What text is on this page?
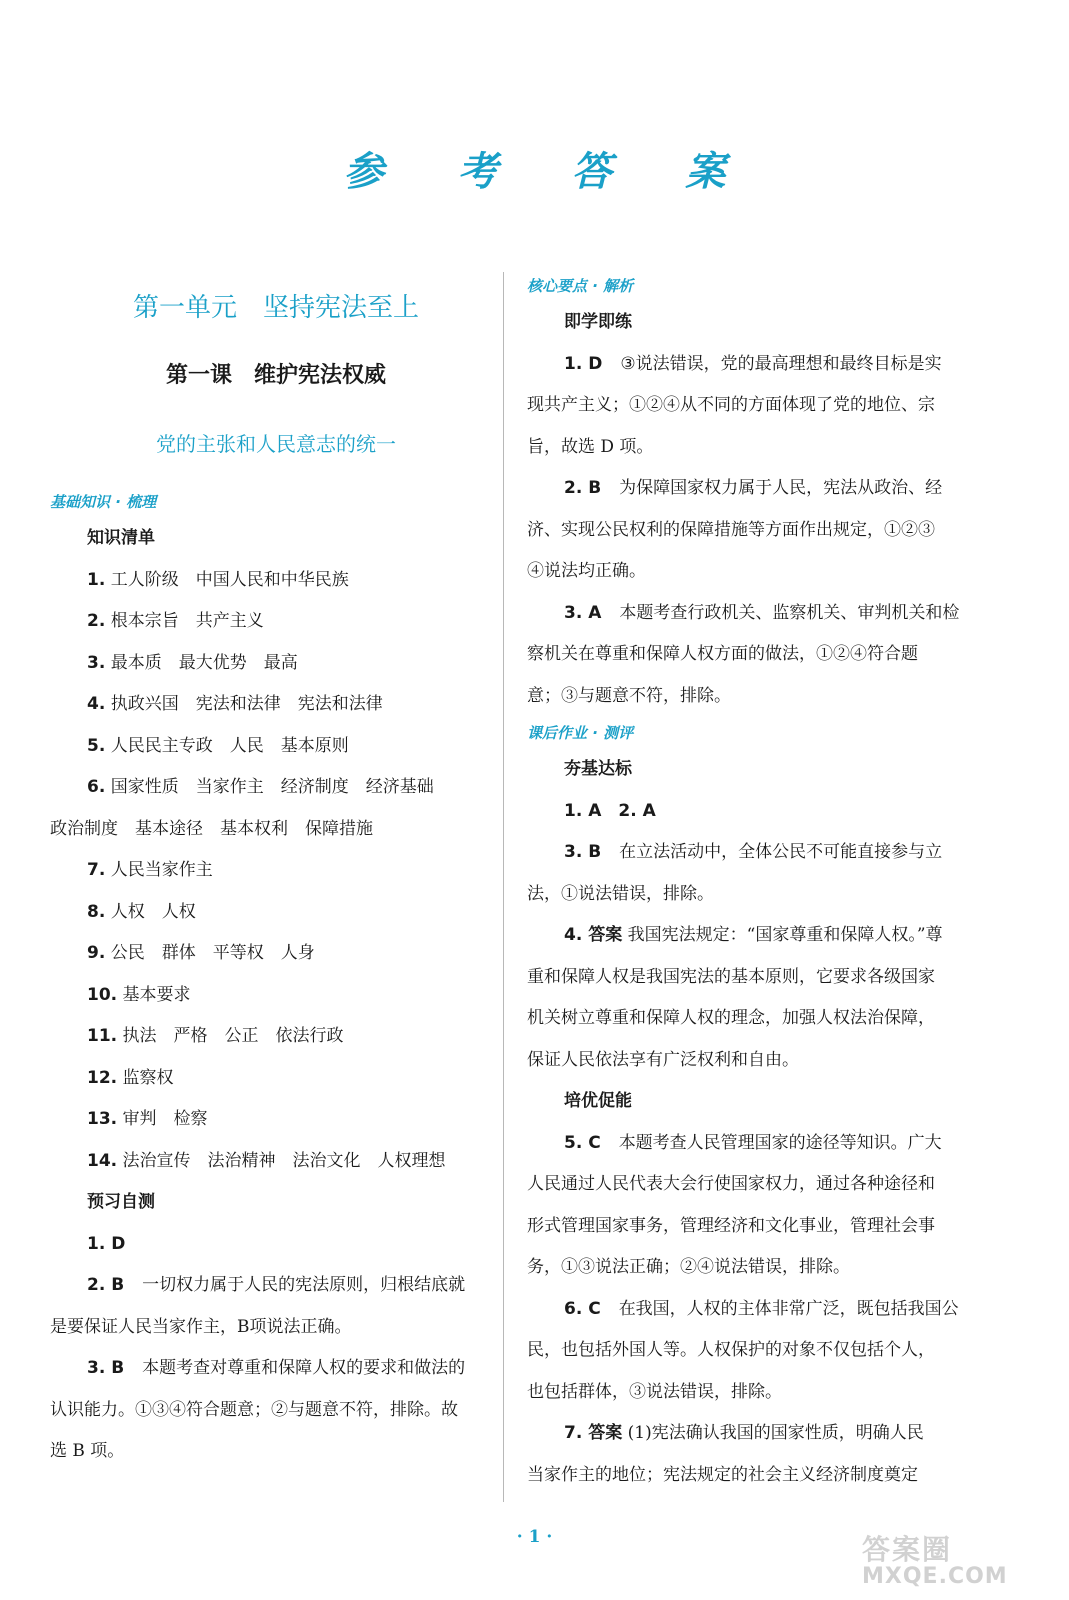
参 考 答 案
第一单元　坚持宪法至上
第一课　维护宪法权威
党的主张和人民意志的统一
基础知识 · 梳理
知识清单
1. 工人阶级　中国人民和中华民族
2. 根本宗旨　共产主义
3. 最本质　最大优势　最高
4. 执政兴国　宪法和法律　宪法和法律
5. 人民民主专政　人民　基本原则
6. 国家性质　当家作主　经济制度　经济基础
政治制度　基本途径　基本权利　保障措施
7. 人民当家作主
8. 人权　人权
9. 公民　群体　平等权　人身
10. 基本要求
11. 执法　严格　公正　依法行政
12. 监察权
13. 审判　检察
14. 法治宣传　法治精神　法治文化　人权理想
预习自测
1. D
2. B 一切权力属于人民的宪法原则，归根结底就
是要保证人民当家作主，B项说法正确。
3. B 本题考查对尊重和保障人权的要求和做法的
认识能力。①③④符合题意；②与题意不符，排除。故
选 B 项。
核心要点 · 解析
即学即练
1. D ③说法错误，党的最高理想和最终目标是实
现共产主义；①②④从不同的方面体现了党的地位、宗
旨，故选 D 项。
2. B 为保障国家权力属于人民，宪法从政治、经
济、实现公民权利的保障措施等方面作出规定，①②③
④说法均正确。
3. A 本题考查行政机关、监察机关、审判机关和检
察机关在尊重和保障人权方面的做法，①②④符合题
意；③与题意不符，排除。
课后作业 · 测评
夯基达标
1. A　2. A
3. B 在立法活动中，全体公民不可能直接参与立
法，①说法错误，排除。
4. 答案 我国宪法规定：“国家尊重和保障人权。”尊
重和保障人权是我国宪法的基本原则，它要求各级国家
机关树立尊重和保障人权的理念，加强人权法治保障，
保证人民依法享有广泛权利和自由。
培优促能
5. C 本题考查人民管理国家的途径等知识。广大
人民通过人民代表大会行使国家权力，通过各种途径和
形式管理国家事务，管理经济和文化事业，管理社会事
务，①③说法正确；②④说法错误，排除。
6. C 在我国，人权的主体非常广泛，既包括我国公
民，也包括外国人等。人权保护的对象不仅包括个人，
也包括群体，③说法错误，排除。
7. 答案 (1)宪法确认我国的国家性质，明确人民
当家作主的地位；宪法规定的社会主义经济制度奠定
· 1 ·	答案圈
MXQE.COM
